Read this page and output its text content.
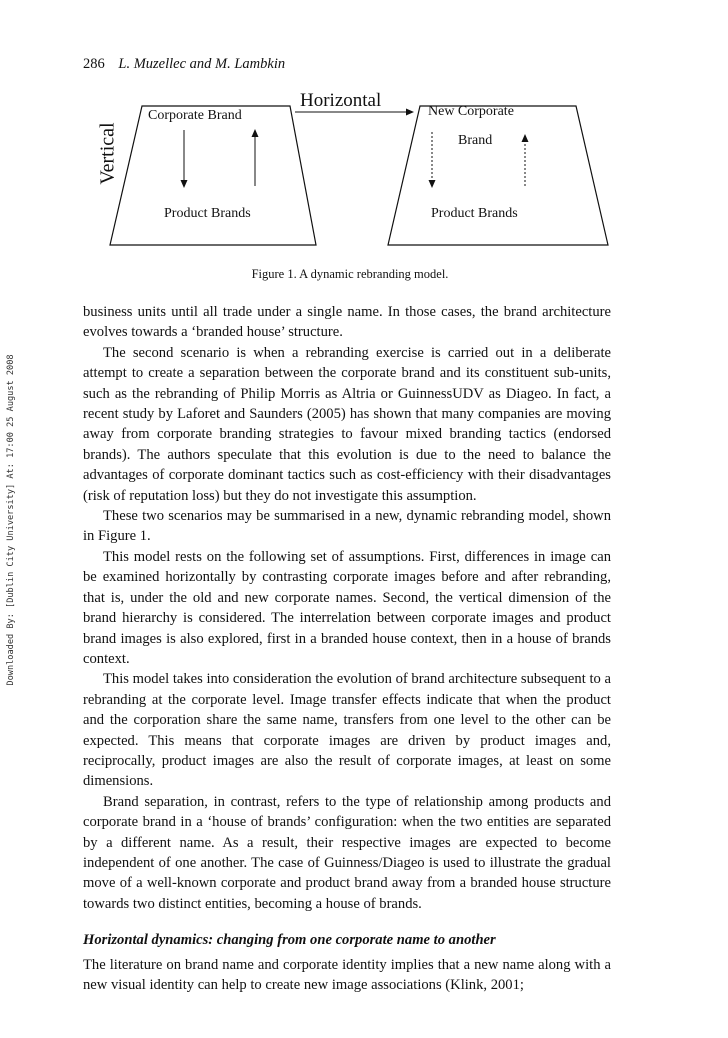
Downloaded By: [Dublin City University] At: 17:00 25 August 2008
286 L. Muzellec and M. Lambkin
Vertical
Horizontal
Corporate Brand
Product Brands
New Corporate
Brand
Product Brands
Figure 1. A dynamic rebranding model.

business units until all trade under a single name. In those cases, the brand architecture evolves towards a ‘branded house’ structure.

The second scenario is when a rebranding exercise is carried out in a deliberate attempt to create a separation between the corporate brand and its constituent sub-units, such as the rebranding of Philip Morris as Altria or GuinnessUDV as Diageo. In fact, a recent study by Laforet and Saunders (2005) has shown that many companies are moving away from corporate branding strategies to favour mixed branding tactics (endorsed brands). The authors speculate that this evolution is due to the need to balance the advantages of corporate dominant tactics such as cost-efficiency with their disadvantages (risk of reputation loss) but they do not investigate this assumption.

These two scenarios may be summarised in a new, dynamic rebranding model, shown in Figure 1.

This model rests on the following set of assumptions. First, differences in image can be examined horizontally by contrasting corporate images before and after rebranding, that is, under the old and new corporate names. Second, the vertical dimension of the brand hierarchy is considered. The interrelation between corporate images and product brand images is also explored, first in a branded house context, then in a house of brands context.

This model takes into consideration the evolution of brand architecture subsequent to a rebranding at the corporate level. Image transfer effects indicate that when the product and the corporation share the same name, transfers from one level to the other can be expected. This means that corporate images are driven by product images and, reciprocally, product images are also the result of corporate images, at least on some dimensions.

Brand separation, in contrast, refers to the type of relationship among products and corporate brand in a ‘house of brands’ configuration: when the two entities are separated by a different name. As a result, their respective images are expected to become independent of one another. The case of Guinness/Diageo is used to illustrate the gradual move of a well-known corporate and product brand away from a branded house structure towards two distinct entities, becoming a house of brands.

Horizontal dynamics: changing from one corporate name to another

The literature on brand name and corporate identity implies that a new name along with a new visual identity can help to create new image associations (Klink, 2001;
